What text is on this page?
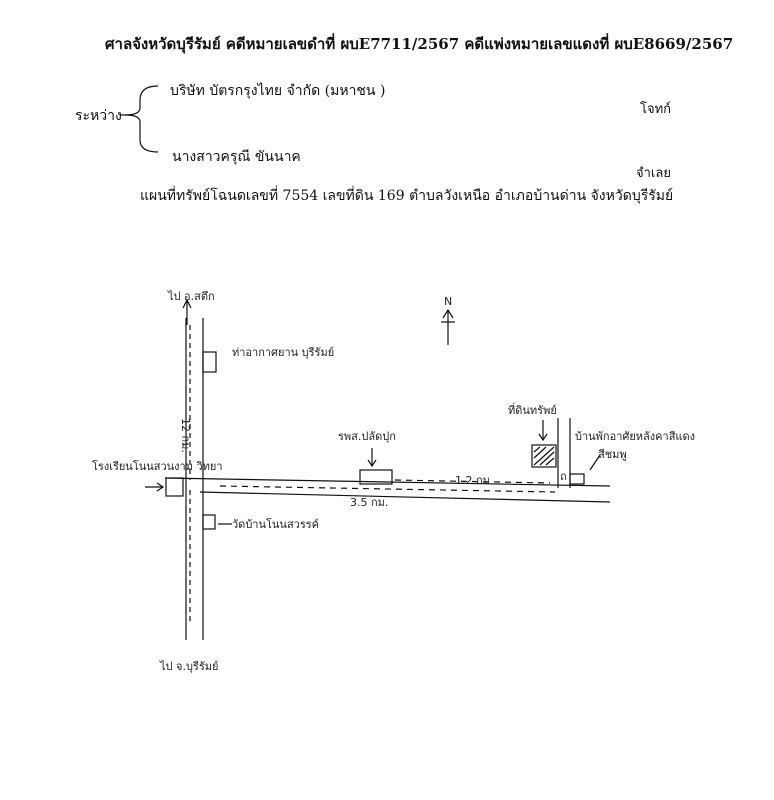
ศาลจังหวัดบุรีรัมย์ คดีหมายเลขดำที่ ผบE7711/2567 คดีแพ่งหมายเลขแดงที่ ผบE8669/2567
ระหว่าง
บริษัท บัตรกรุงไทย จำกัด (มหาชน )
โจทก์
นางสาวครุณี ขันนาค
จำเลย
แผนที่ทรัพย์โฉนดเลขที่ 7554 เลขที่ดิน 169 ตำบลวังเหนือ อำเภอบ้านด่าน จังหวัดบุรีรัมย์
ไป อ.สตึก
ไป จ.บุรีรัมย์
N
ท่าอากาศยาน บุรีรัมย์
โรงเรียนโนนสวนงาม วิทยา
วัดบ้านโนนสวรรค์
12 กม.
3.5 กม.
รพส.ปลัดปุก
1.2 กม
ที่ดินทรัพย์
บ้านพักอาศัยหลังคาสีแดง
สีชมพู
ถ
